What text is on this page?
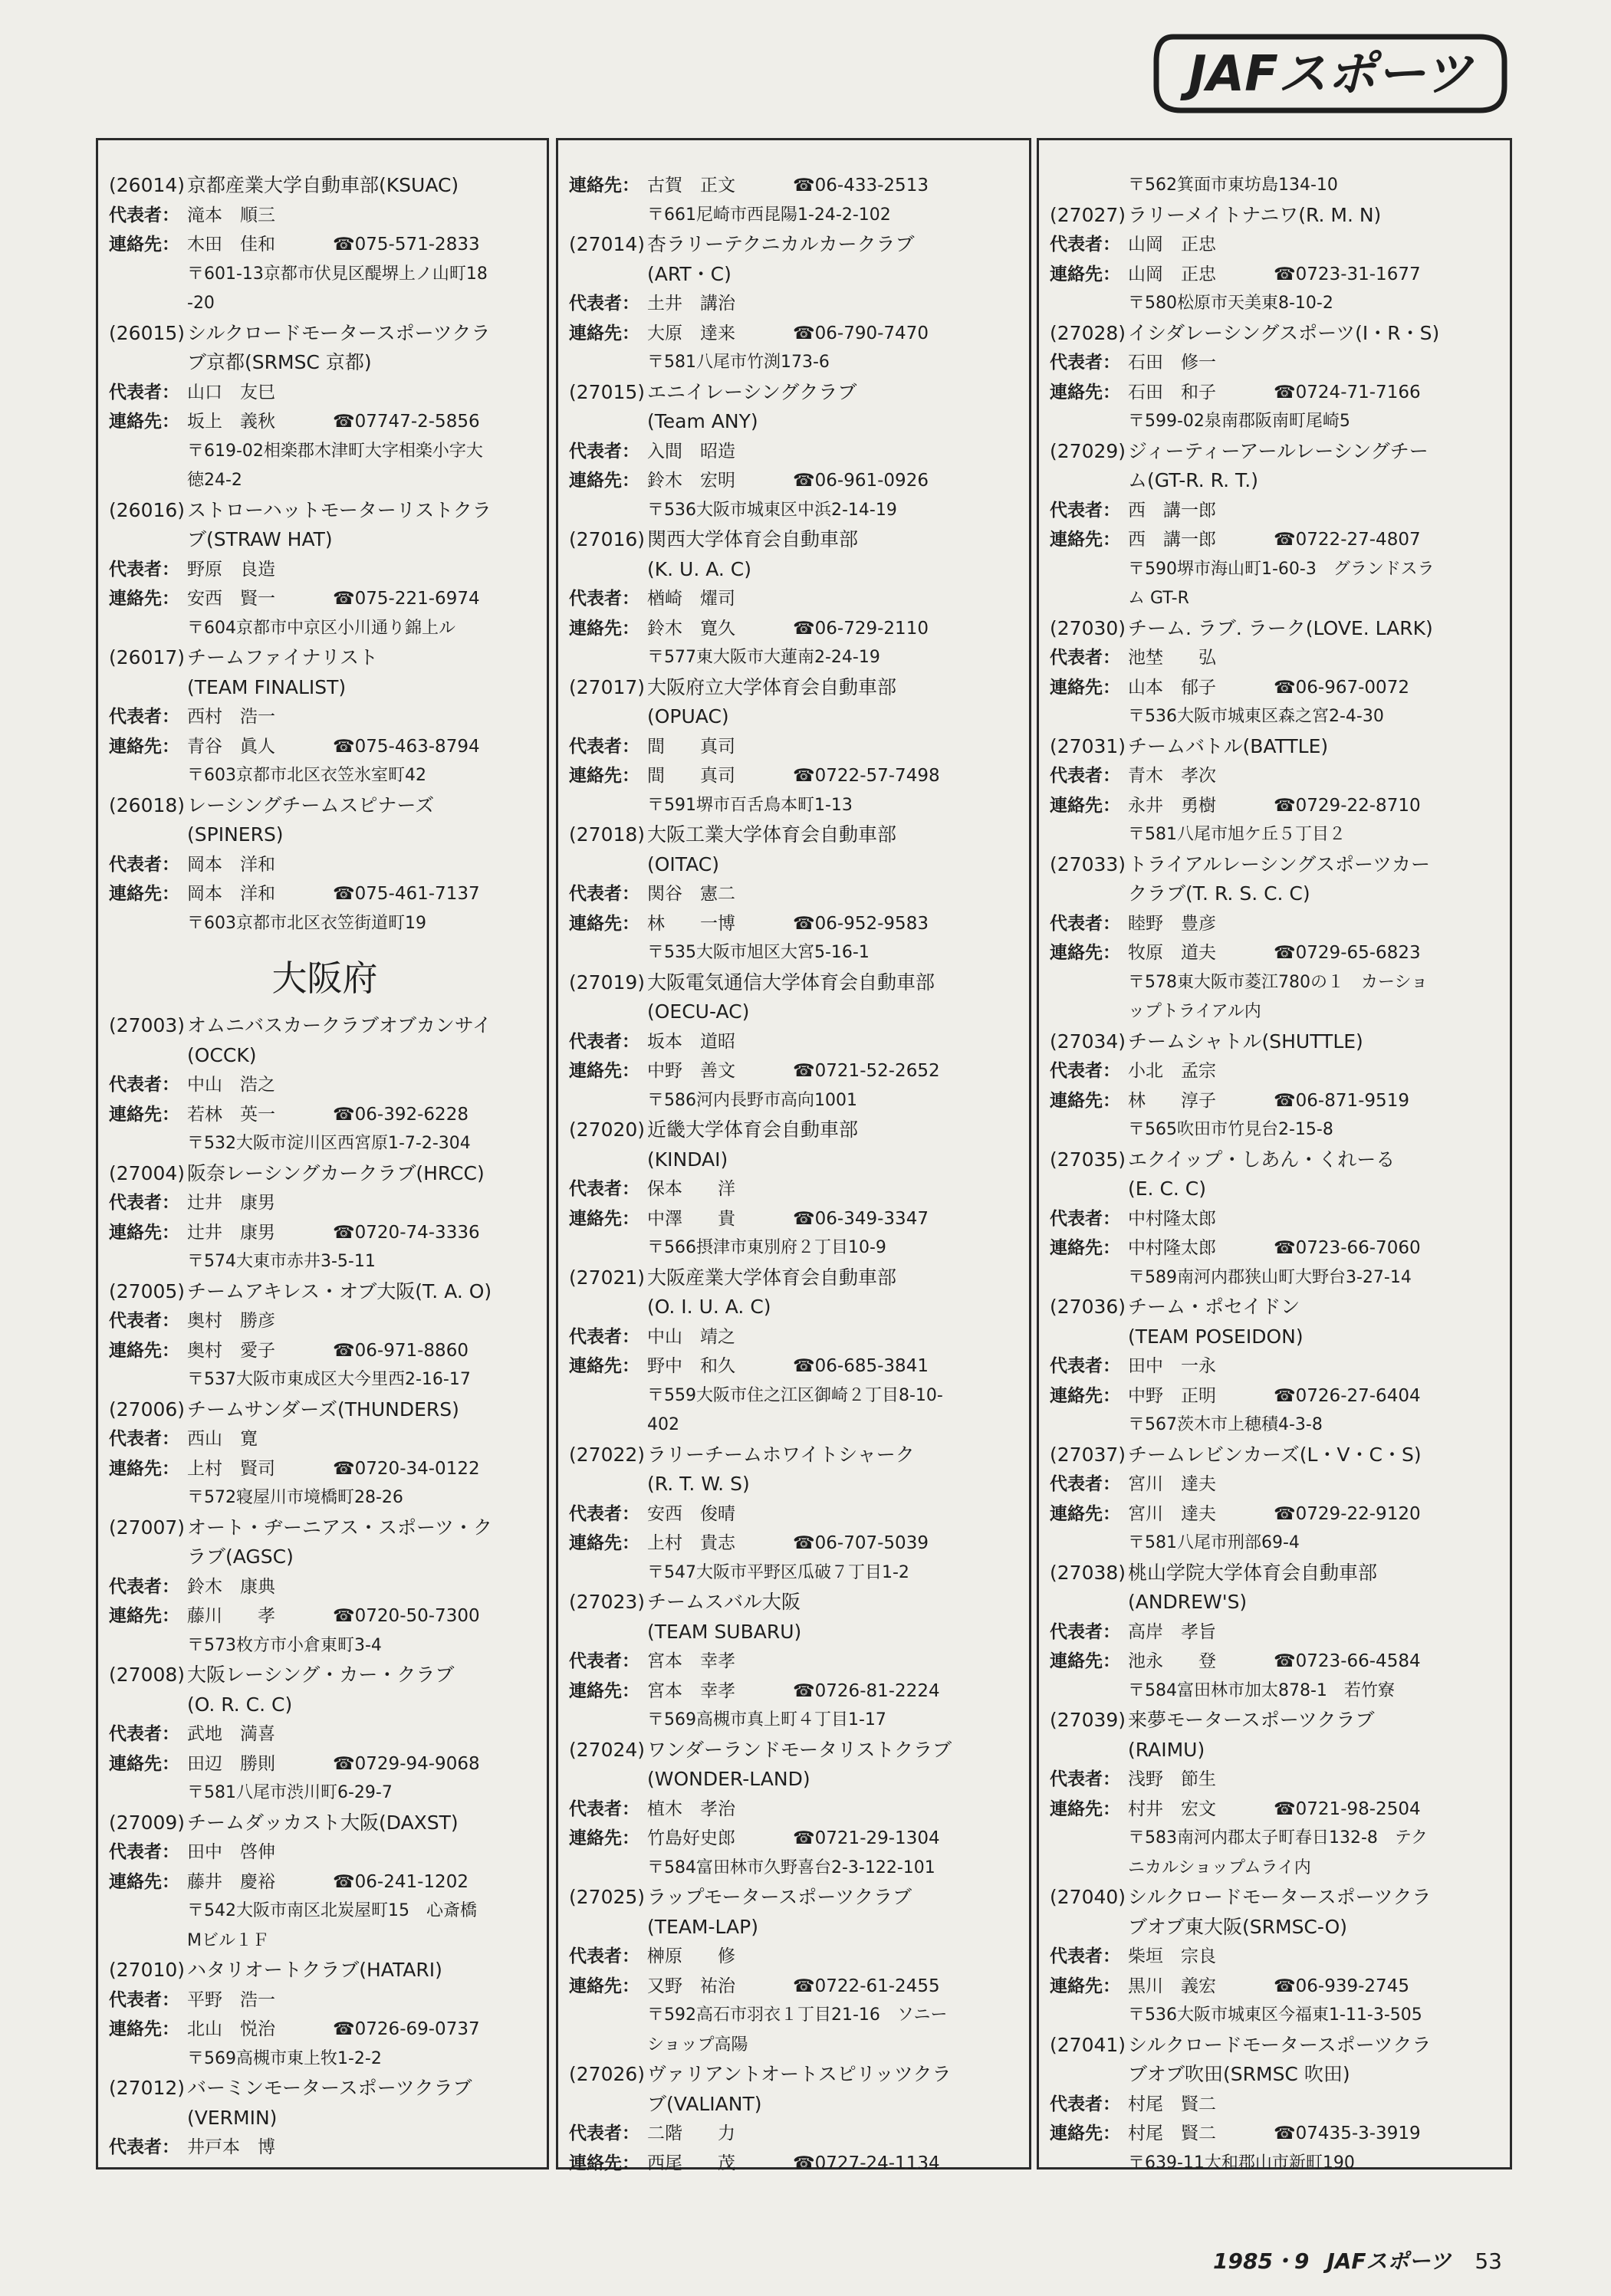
JAFスポーツ
(26014) 京都産業大学自動車部(KSUAC)
代表者： 滝本　順三
連絡先： 木田　佳和	☎075-571-2833
〒601-13京都市伏見区醍堺上ノ山町18
-20
(26015) シルクロードモータースポーツクラ
ブ京都(SRMSC 京都)
代表者： 山口　友巳
連絡先： 坂上　義秋	☎07747-2-5856
〒619-02相楽郡木津町大字相楽小字大
徳24-2
(26016) ストローハットモーターリストクラ
ブ(STRAW HAT)
代表者： 野原　良造
連絡先： 安西　賢一	☎075-221-6974
〒604京都市中京区小川通り錦上ル
(26017) チームファイナリスト
(TEAM FINALIST)
代表者： 西村　浩一
連絡先： 青谷　眞人	☎075-463-8794
〒603京都市北区衣笠氷室町42
(26018) レーシングチームスピナーズ
(SPINERS)
代表者： 岡本　洋和
連絡先： 岡本　洋和	☎075-461-7137
〒603京都市北区衣笠街道町19
大阪府
(27003) オムニバスカークラブオブカンサイ
(OCCK)
代表者： 中山　浩之
連絡先： 若林　英一	☎06-392-6228
〒532大阪市淀川区西宮原1-7-2-304
(27004) 阪奈レーシングカークラブ(HRCC)
代表者： 辻井　康男
連絡先： 辻井　康男	☎0720-74-3336
〒574大東市赤井3-5-11
(27005) チームアキレス・オブ大阪(T. A. O)
代表者： 奥村　勝彦
連絡先： 奥村　愛子	☎06-971-8860
〒537大阪市東成区大今里西2-16-17
(27006) チームサンダーズ(THUNDERS)
代表者： 西山　寛
連絡先： 上村　賢司	☎0720-34-0122
〒572寝屋川市境橋町28-26
(27007) オート・ヂーニアス・スポーツ・ク
ラブ(AGSC)
代表者： 鈴木　康典
連絡先： 藤川　　孝	☎0720-50-7300
〒573枚方市小倉東町3-4
(27008) 大阪レーシング・カー・クラブ
(O. R. C. C)
代表者： 武地　満喜
連絡先： 田辺　勝則	☎0729-94-9068
〒581八尾市渋川町6-29-7
(27009) チームダッカスト大阪(DAXST)
代表者： 田中　啓伸
連絡先： 藤井　慶裕	☎06-241-1202
〒542大阪市南区北炭屋町15　心斎橋
Mビル１Ｆ
(27010) ハタリオートクラブ(HATARI)
代表者： 平野　浩一
連絡先： 北山　悦治	☎0726-69-0737
〒569高槻市東上牧1-2-2
(27012) バーミンモータースポーツクラブ
(VERMIN)
代表者： 井戸本　博
連絡先： 古賀　正文	☎06-433-2513
〒661尼崎市西昆陽1-24-2-102
(27014) 杏ラリーテクニカルカークラブ
(ART・C)
代表者： 土井　講治
連絡先： 大原　達来	☎06-790-7470
〒581八尾市竹渕173-6
(27015) エニイレーシングクラブ
(Team ANY)
代表者： 入間　昭造
連絡先： 鈴木　宏明	☎06-961-0926
〒536大阪市城東区中浜2-14-19
(27016) 関西大学体育会自動車部
(K. U. A. C)
代表者： 楢崎　燿司
連絡先： 鈴木　寛久	☎06-729-2110
〒577東大阪市大蓮南2-24-19
(27017) 大阪府立大学体育会自動車部
(OPUAC)
代表者： 間　　真司
連絡先： 間　　真司	☎0722-57-7498
〒591堺市百舌鳥本町1-13
(27018) 大阪工業大学体育会自動車部
(OITAC)
代表者： 関谷　憲二
連絡先： 林　　一博	☎06-952-9583
〒535大阪市旭区大宮5-16-1
(27019) 大阪電気通信大学体育会自動車部
(OECU-AC)
代表者： 坂本　道昭
連絡先： 中野　善文	☎0721-52-2652
〒586河内長野市高向1001
(27020) 近畿大学体育会自動車部
(KINDAI)
代表者： 保本　　洋
連絡先： 中澤　　貴	☎06-349-3347
〒566摂津市東別府２丁目10-9
(27021) 大阪産業大学体育会自動車部
(O. I. U. A. C)
代表者： 中山　靖之
連絡先： 野中　和久	☎06-685-3841
〒559大阪市住之江区御崎２丁目8-10-
402
(27022) ラリーチームホワイトシャーク
(R. T. W. S)
代表者： 安西　俊晴
連絡先： 上村　貴志	☎06-707-5039
〒547大阪市平野区瓜破７丁目1-2
(27023) チームスバル大阪
(TEAM SUBARU)
代表者： 宮本　幸孝
連絡先： 宮本　幸孝	☎0726-81-2224
〒569高槻市真上町４丁目1-17
(27024) ワンダーランドモータリストクラブ
(WONDER-LAND)
代表者： 植木　孝治
連絡先： 竹島好史郎	☎0721-29-1304
〒584富田林市久野喜台2-3-122-101
(27025) ラップモータースポーツクラブ
(TEAM-LAP)
代表者： 榊原　　修
連絡先： 又野　祐治	☎0722-61-2455
〒592高石市羽衣１丁目21-16　ソニー
ショップ高陽
(27026) ヴァリアントオートスピリッツクラ
ブ(VALIANT)
代表者： 二階　　力
連絡先： 西尾　　茂	☎0727-24-1134
〒562箕面市東坊島134-10
(27027) ラリーメイトナニワ(R. M. N)
代表者： 山岡　正忠
連絡先： 山岡　正忠	☎0723-31-1677
〒580松原市天美東8-10-2
(27028) イシダレーシングスポーツ(I・R・S)
代表者： 石田　修一
連絡先： 石田　和子	☎0724-71-7166
〒599-02泉南郡阪南町尾崎5
(27029) ジィーティーアールレーシングチー
ム(GT-R. R. T.)
代表者： 西　講一郎
連絡先： 西　講一郎	☎0722-27-4807
〒590堺市海山町1-60-3　グランドスラ
ム GT-R
(27030) チーム. ラブ. ラーク(LOVE. LARK)
代表者： 池埜　　弘
連絡先： 山本　郁子	☎06-967-0072
〒536大阪市城東区森之宮2-4-30
(27031) チームバトル(BATTLE)
代表者： 青木　孝次
連絡先： 永井　勇樹	☎0729-22-8710
〒581八尾市旭ケ丘５丁目２
(27033) トライアルレーシングスポーツカー
クラブ(T. R. S. C. C)
代表者： 睦野　豊彦
連絡先： 牧原　道夫	☎0729-65-6823
〒578東大阪市菱江780の１　カーショ
ップトライアル内
(27034) チームシャトル(SHUTTLE)
代表者： 小北　孟宗
連絡先： 林　　淳子	☎06-871-9519
〒565吹田市竹見台2-15-8
(27035) エクイップ・しあん・くれーる
(E. C. C)
代表者： 中村隆太郎
連絡先： 中村隆太郎	☎0723-66-7060
〒589南河内郡狭山町大野台3-27-14
(27036) チーム・ポセイドン
(TEAM POSEIDON)
代表者： 田中　一永
連絡先： 中野　正明	☎0726-27-6404
〒567茨木市上穂積4-3-8
(27037) チームレビンカーズ(L・V・C・S)
代表者： 宮川　達夫
連絡先： 宮川　達夫	☎0729-22-9120
〒581八尾市刑部69-4
(27038) 桃山学院大学体育会自動車部
(ANDREW'S)
代表者： 高岸　孝旨
連絡先： 池永　　登	☎0723-66-4584
〒584富田林市加太878-1　若竹寮
(27039) 来夢モータースポーツクラブ
(RAIMU)
代表者： 浅野　節生
連絡先： 村井　宏文	☎0721-98-2504
〒583南河内郡太子町春日132-8　テク
ニカルショップムライ内
(27040) シルクロードモータースポーツクラ
ブオブ東大阪(SRMSC-O)
代表者： 柴垣　宗良
連絡先： 黒川　義宏	☎06-939-2745
〒536大阪市城東区今福東1-11-3-505
(27041) シルクロードモータースポーツクラ
ブオブ吹田(SRMSC 吹田)
代表者： 村尾　賢二
連絡先： 村尾　賢二	☎07435-3-3919
〒639-11大和郡山市新町190
1985・9 JAFスポーツ 53
